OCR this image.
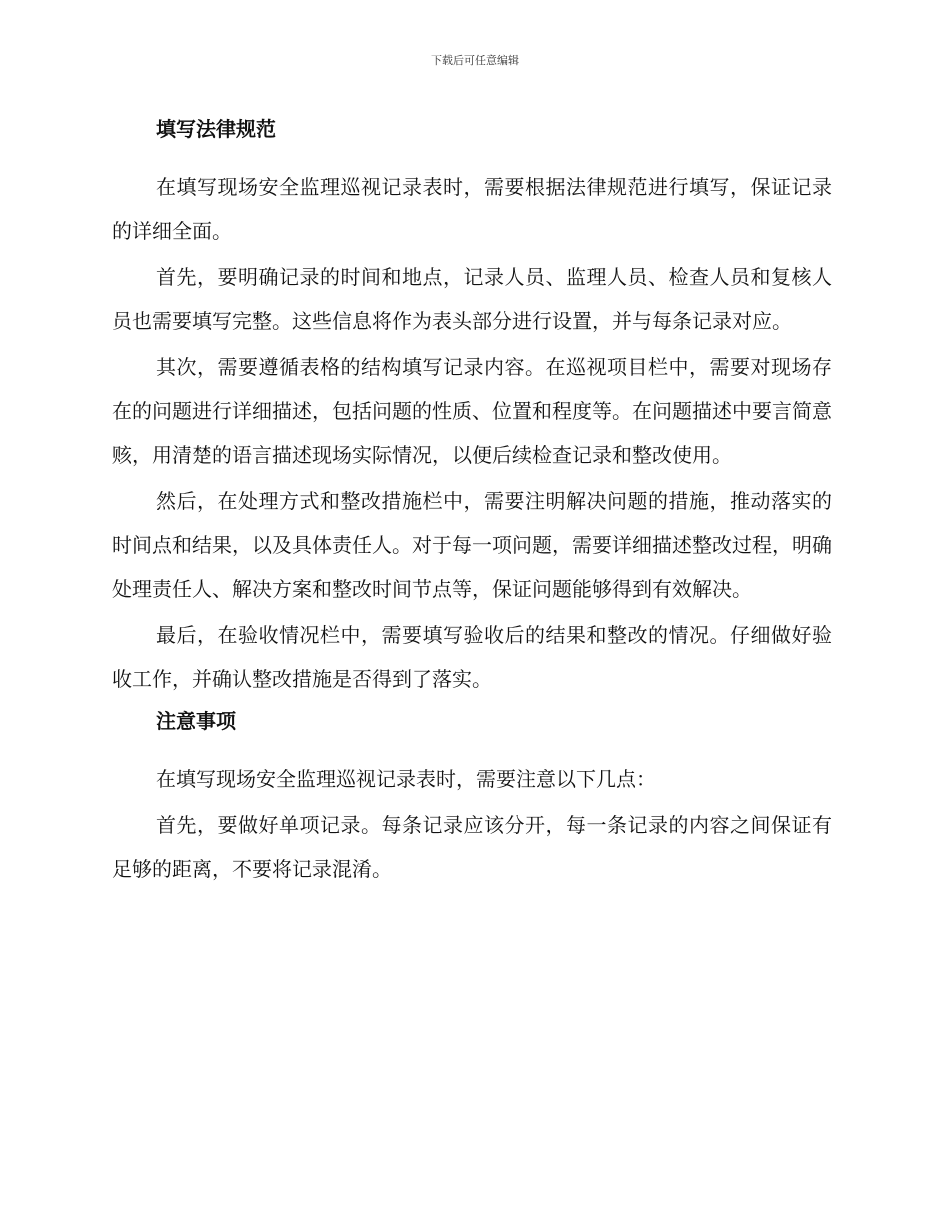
下载后可任意编辑
填写法律规范

在填写现场安全监理巡视记录表时，需要根据法律规范进行填写，保证记录的详细全面。

首先，要明确记录的时间和地点，记录人员、监理人员、检查人员和复核人员也需要填写完整。这些信息将作为表头部分进行设置，并与每条记录对应。

其次，需要遵循表格的结构填写记录内容。在巡视项目栏中，需要对现场存在的问题进行详细描述，包括问题的性质、位置和程度等。在问题描述中要言简意赅，用清楚的语言描述现场实际情况，以便后续检查记录和整改使用。

然后，在处理方式和整改措施栏中，需要注明解决问题的措施，推动落实的时间点和结果，以及具体责任人。对于每一项问题，需要详细描述整改过程，明确处理责任人、解决方案和整改时间节点等，保证问题能够得到有效解决。

最后，在验收情况栏中，需要填写验收后的结果和整改的情况。仔细做好验收工作，并确认整改措施是否得到了落实。

注意事项

在填写现场安全监理巡视记录表时，需要注意以下几点：

首先，要做好单项记录。每条记录应该分开，每一条记录的内容之间保证有足够的距离，不要将记录混淆。
